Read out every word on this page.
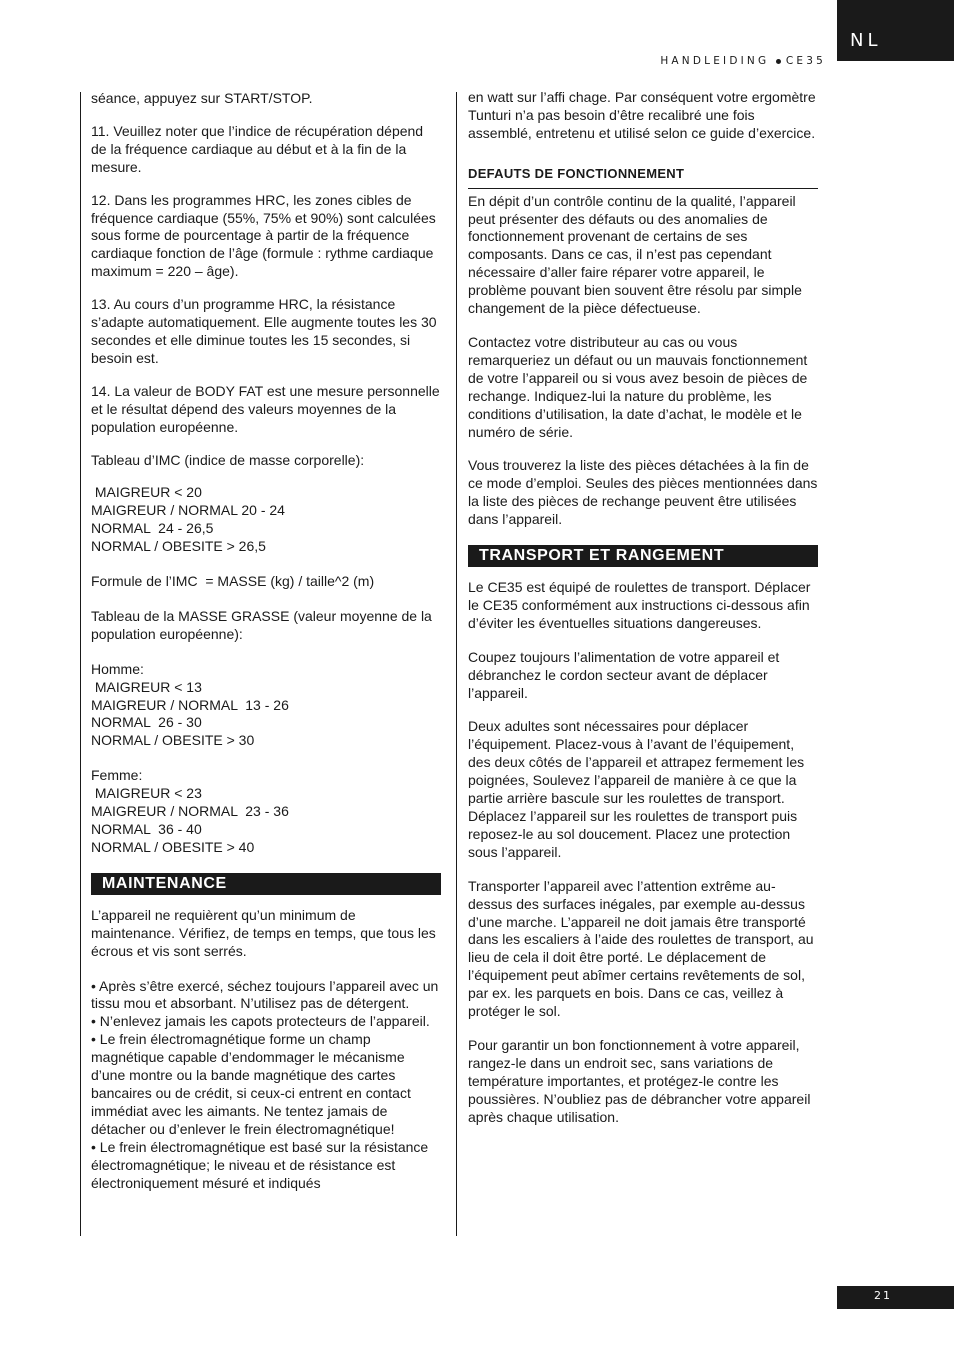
NL
HANDLEIDING CE35

séance, appuyez sur START/STOP.

11. Veuillez noter que l’indice de récupération dépend de la fréquence cardiaque au début et à la fin de la mesure.

12. Dans les programmes HRC, les zones cibles de fréquence cardiaque (55%, 75% et 90%) sont calculées sous forme de pourcentage à partir de la fréquence cardiaque fonction de l’âge (formule : rythme cardiaque maximum = 220 – âge).

13. Au cours d’un programme HRC, la résistance s’adapte automatiquement. Elle augmente toutes les 30 secondes et elle diminue toutes les 15 secondes, si besoin est.

14. La valeur de BODY FAT est une mesure personnelle et le résultat dépend des valeurs moyennes de la population européenne.

Tableau d’IMC (indice de masse corporelle):

MAIGREUR < 20

MAIGREUR / NORMAL 20 - 24

NORMAL  24 - 26,5

NORMAL / OBESITE > 26,5

Formule de l’IMC  = MASSE (kg) / taille^2 (m)

Tableau de la MASSE GRASSE (valeur moyenne de la population européenne):

Homme:

MAIGREUR < 13

MAIGREUR / NORMAL  13 - 26

NORMAL  26 - 30

NORMAL / OBESITE > 30

Femme:

MAIGREUR < 23

MAIGREUR / NORMAL  23 - 36

NORMAL  36 - 40

NORMAL / OBESITE > 40

MAINTENANCE

L’appareil ne requièrent qu’un minimum de maintenance. Vérifiez, de temps en temps, que tous les écrous et vis sont serrés.

• Après s’être exercé, séchez toujours l’appareil avec un tissu mou et absorbant. N’utilisez pas de détergent.

• N’enlevez jamais les capots protecteurs de l’appareil.

• Le frein électromagnétique forme un champ magnétique capable d’endommager le mécanisme d’une montre ou la bande magnétique des cartes bancaires ou de crédit, si ceux-ci entrent en contact immédiat avec les aimants. Ne tentez jamais de détacher ou d’enlever le frein électromagnétique!

• Le frein électromagnétique est basé sur la résistance électromagnétique; le niveau et de résistance est électroniquement mésuré et indiqués

en watt sur l’affi chage. Par conséquent votre ergomètre Tunturi n’a pas besoin d’être recalibré une fois assemblé, entretenu et utilisé selon ce guide d’exercice.

DEFAUTS DE FONCTIONNEMENT

En dépit d’un contrôle continu de la qualité, l’appareil peut présenter des défauts ou des anomalies de fonctionnement provenant de certains de ses composants. Dans ce cas, il n’est pas cependant nécessaire d’aller faire réparer votre appareil, le problème pouvant bien souvent être résolu par simple changement de la pièce défectueuse.

Contactez votre distributeur au cas ou vous remarqueriez un défaut ou un mauvais fonctionnement de votre l’appareil ou si vous avez besoin de pièces de rechange. Indiquez-lui la nature du problème, les conditions d’utilisation, la date d’achat, le modèle et le numéro de série.

Vous trouverez la liste des pièces détachées à la fin de ce mode d’emploi. Seules des pièces mentionnées dans la liste des pièces de rechange peuvent être utilisées dans l’appareil.

TRANSPORT ET RANGEMENT

Le CE35 est équipé de roulettes de transport. Déplacer le CE35 conformément aux instructions ci-dessous afin d’éviter les éventuelles situations dangereuses.

Coupez toujours l’alimentation de votre appareil et débranchez le cordon secteur avant de déplacer l’appareil.

Deux adultes sont nécessaires pour déplacer l’équipement. Placez-vous à l’avant de l’équipement, des deux côtés de l’appareil et attrapez fermement les poignées, Soulevez l’appareil de manière à ce que la partie arrière bascule sur les roulettes de transport. Déplacez l’appareil sur les roulettes de transport puis reposez-le au sol doucement. Placez une protection sous l’appareil.

Transporter l’appareil avec l’attention extrême au-dessus des surfaces inégales, par exemple au-dessus d’une marche. L’appareil ne doit jamais être transporté dans les escaliers à l’aide des roulettes de transport, au lieu de cela il doit être porté. Le déplacement de l’équipement peut abîmer certains revêtements de sol, par ex. les parquets en bois. Dans ce cas, veillez à protéger le sol.

Pour garantir un bon fonctionnement à votre appareil, rangez-le dans un endroit sec, sans variations de température importantes, et protégez-le contre les poussières. N’oubliez pas de débrancher votre appareil après chaque utilisation.

21
